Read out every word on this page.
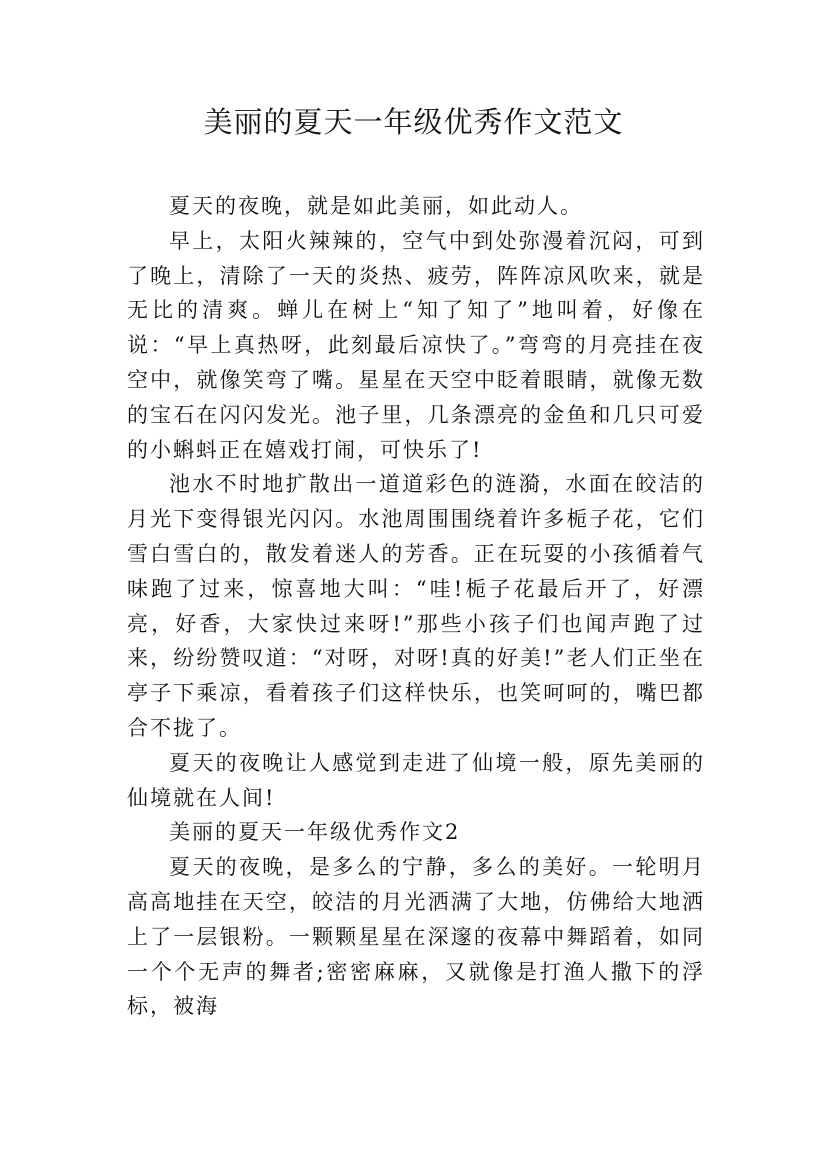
美丽的夏天一年级优秀作文范文

夏天的夜晚，就是如此美丽，如此动人。

早上，太阳火辣辣的，空气中到处弥漫着沉闷，可到了晚上，清除了一天的炎热、疲劳，阵阵凉风吹来，就是无比的清爽。蝉儿在树上“知了知了”地叫着，好像在说：“早上真热呀，此刻最后凉快了。”弯弯的月亮挂在夜空中，就像笑弯了嘴。星星在天空中眨着眼睛，就像无数的宝石在闪闪发光。池子里，几条漂亮的金鱼和几只可爱的小蝌蚪正在嬉戏打闹，可快乐了!

池水不时地扩散出一道道彩色的涟漪，水面在皎洁的月光下变得银光闪闪。水池周围围绕着许多栀子花，它们雪白雪白的，散发着迷人的芳香。正在玩耍的小孩循着气味跑了过来，惊喜地大叫：“哇!栀子花最后开了，好漂亮，好香，大家快过来呀!”那些小孩子们也闻声跑了过来，纷纷赞叹道：“对呀，对呀!真的好美!”老人们正坐在亭子下乘凉，看着孩子们这样快乐，也笑呵呵的，嘴巴都合不拢了。

夏天的夜晚让人感觉到走进了仙境一般，原先美丽的仙境就在人间!

美丽的夏天一年级优秀作文2

夏天的夜晚，是多么的宁静，多么的美好。一轮明月高高地挂在天空，皎洁的月光洒满了大地，仿佛给大地洒上了一层银粉。一颗颗星星在深邃的夜幕中舞蹈着，如同一个个无声的舞者;密密麻麻，又就像是打渔人撒下的浮标，被海
